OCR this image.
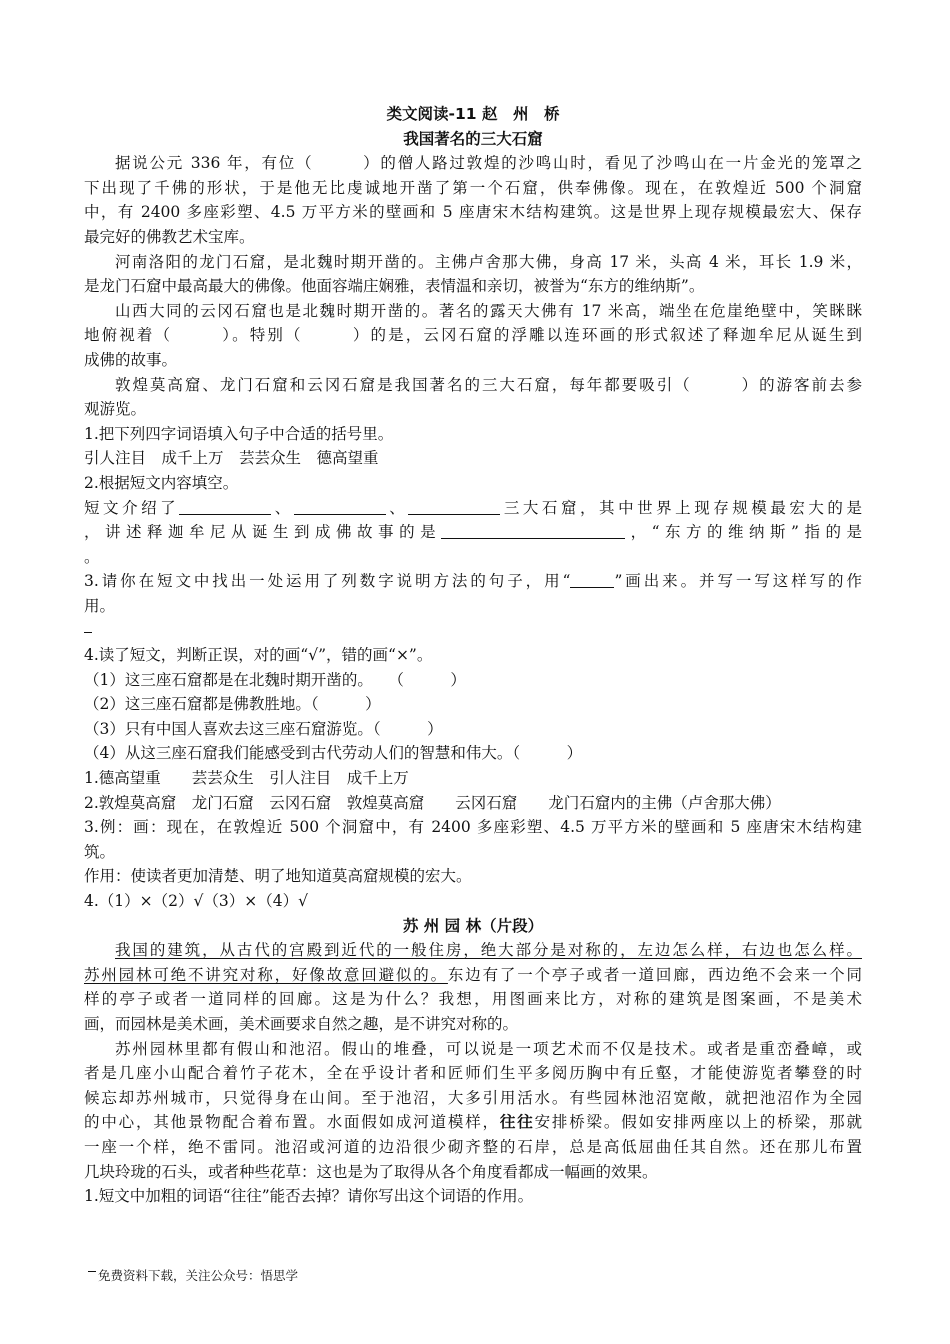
类文阅读-11 赵　州　桥
我国著名的三大石窟
据说公元 336 年，有位（	）的僧人路过敦煌的沙鸣山时，看见了沙鸣山在一片金光的笼罩之
下出现了千佛的形状，于是他无比虔诚地开凿了第一个石窟，供奉佛像。现在，在敦煌近 500 个洞窟
中，有 2400 多座彩塑、4.5 万平方米的壁画和 5 座唐宋木结构建筑。这是世界上现存规模最宏大、保存
最完好的佛教艺术宝库。
河南洛阳的龙门石窟，是北魏时期开凿的。主佛卢舍那大佛，身高 17 米，头高 4 米，耳长 1.9 米，
是龙门石窟中最高最大的佛像。他面容端庄娴雅，表情温和亲切，被誉为“东方的维纳斯”。
山西大同的云冈石窟也是北魏时期开凿的。著名的露天大佛有 17 米高，端坐在危崖绝壁中，笑眯眯
地俯视着（	）。特别（	）的是，云冈石窟的浮雕以连环画的形式叙述了释迦牟尼从诞生到
成佛的故事。
敦煌莫高窟、龙门石窟和云冈石窟是我国著名的三大石窟，每年都要吸引（	）的游客前去参
观游览。
1.把下列四字词语填入句子中合适的括号里。
引人注目　成千上万　芸芸众生　德高望重
2.根据短文内容填空。
短文介绍了	、	、	三大石窟，其中世界上现存规模最宏大的是
，讲述释迦牟尼从诞生到成佛故事的是	，“东方的维纳斯”指的是
。
3.请你在短文中找出一处运用了列数字说明方法的句子，用“	”画出来。并写一写这样写的作
用。
4.读了短文，判断正误，对的画“√”，错的画“×”。
（1）这三座石窟都是在北魏时期开凿的。　　（　　　）
（2）这三座石窟都是佛教胜地。（　　　）
（3）只有中国人喜欢去这三座石窟游览。（　　　）
（4）从这三座石窟我们能感受到古代劳动人们的智慧和伟大。（　　　）
1.德高望重　　芸芸众生　引人注目　成千上万
2.敦煌莫高窟　龙门石窟　云冈石窟　敦煌莫高窟　　云冈石窟　　龙门石窟内的主佛（卢舍那大佛）
3.例：画：现在，在敦煌近 500 个洞窟中，有 2400 多座彩塑、4.5 万平方米的壁画和 5 座唐宋木结构建
筑。
作用：使读者更加清楚、明了地知道莫高窟规模的宏大。
4.（1）×（2）√（3）×（4）√
苏 州 园 林（片段）
我国的建筑，从古代的宫殿到近代的一般住房，绝大部分是对称的，左边怎么样，右边也怎么样。
苏州园林可绝不讲究对称，好像故意回避似的。东边有了一个亭子或者一道回廊，西边绝不会来一个同
样的亭子或者一道同样的回廊。这是为什么？我想，用图画来比方，对称的建筑是图案画，不是美术
画，而园林是美术画，美术画要求自然之趣，是不讲究对称的。
苏州园林里都有假山和池沼。假山的堆叠，可以说是一项艺术而不仅是技术。或者是重峦叠嶂，或
者是几座小山配合着竹子花木，全在乎设计者和匠师们生平多阅历胸中有丘壑，才能使游览者攀登的时
候忘却苏州城市，只觉得身在山间。至于池沼，大多引用活水。有些园林池沼宽敞，就把池沼作为全园
的中心，其他景物配合着布置。水面假如成河道模样，往往安排桥梁。假如安排两座以上的桥梁，那就
一座一个样，绝不雷同。池沼或河道的边沿很少砌齐整的石岸，总是高低屈曲任其自然。还在那儿布置
几块玲珑的石头，或者种些花草：这也是为了取得从各个角度看都成一幅画的效果。
1.短文中加粗的词语“往往”能否去掉？请你写出这个词语的作用。
免费资料下载，关注公众号：悟思学
